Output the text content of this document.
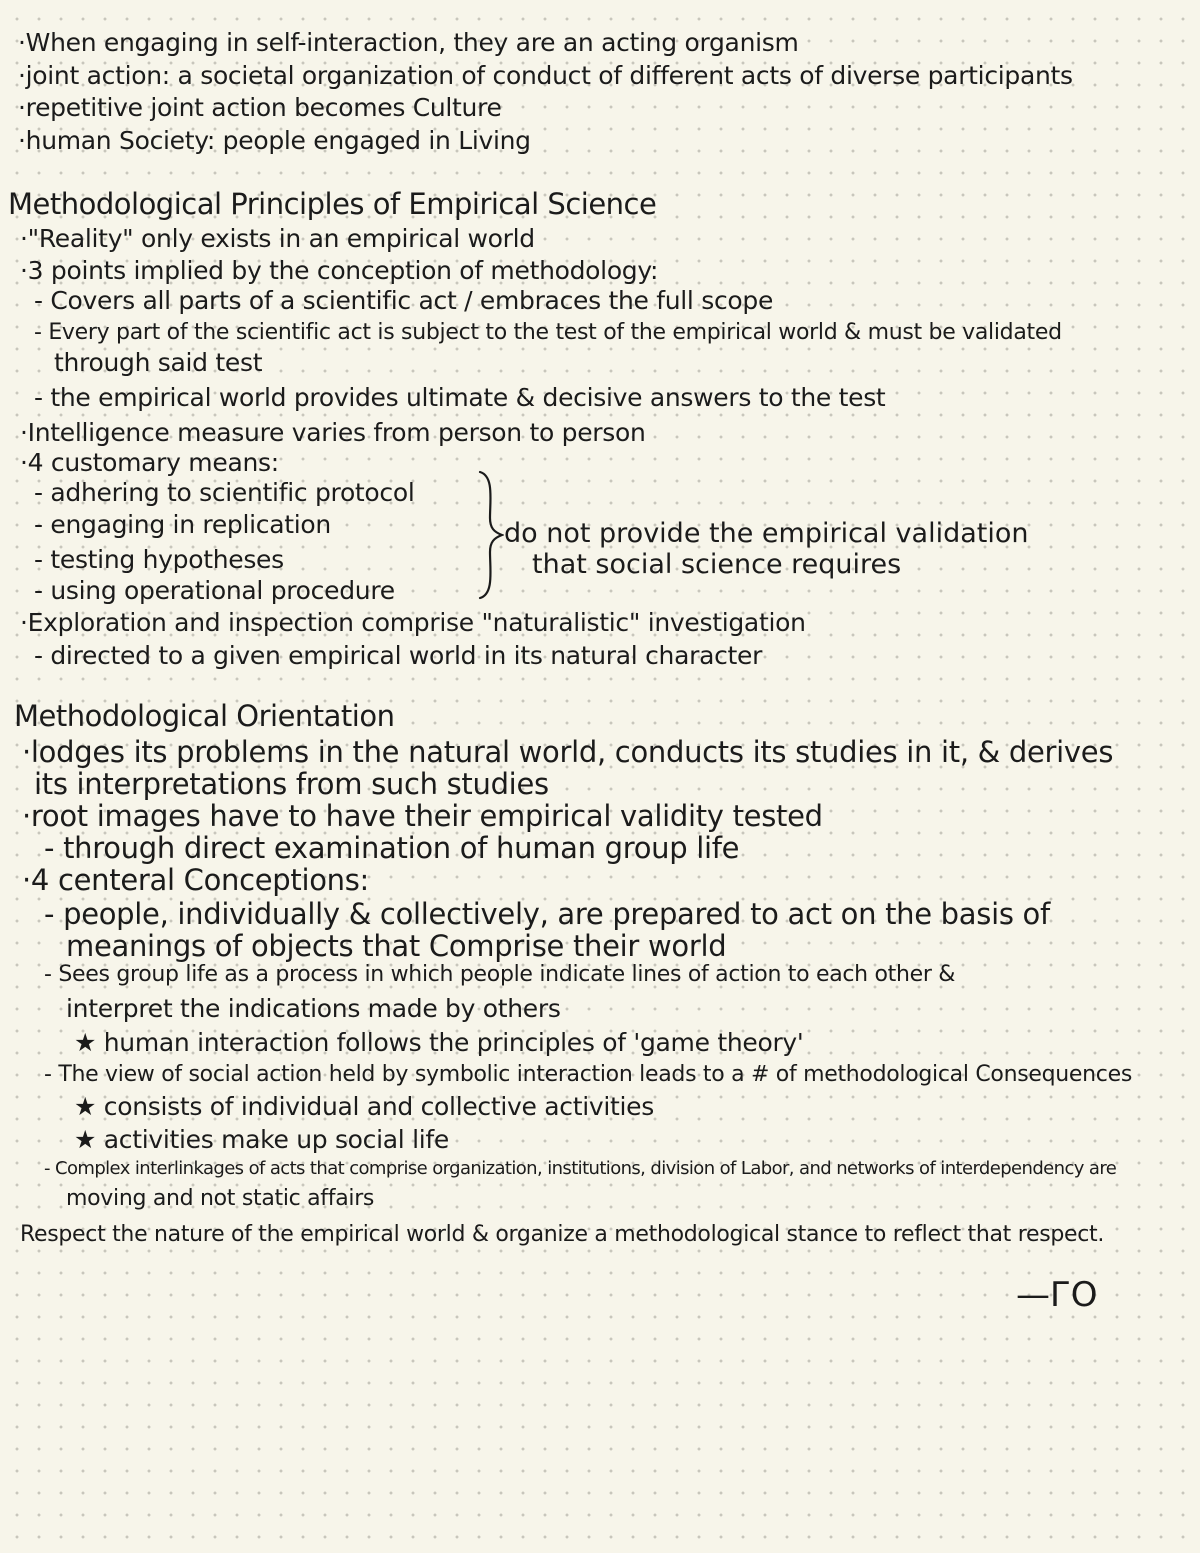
·When engaging in self-interaction, they are an acting organism
·joint action: a societal organization of conduct of different acts of diverse participants
·repetitive joint action becomes Culture
·human Society: people engaged in Living
Methodological Principles of Empirical Science
·"Reality" only exists in an empirical world
·3 points implied by the conception of methodology:
- Covers all parts of a scientific act / embraces the full scope
- Every part of the scientific act is subject to the test of the empirical world & must be validated
through said test
- the empirical world provides ultimate & decisive answers to the test
·Intelligence measure varies from person to person
·4 customary means:
- adhering to scientific protocol
- engaging in replication
- testing hypotheses
- using operational procedure
do not provide the empirical validation
that social science requires
·Exploration and inspection comprise "naturalistic" investigation
- directed to a given empirical world in its natural character
Methodological Orientation
·lodges its problems in the natural world, conducts its studies in it, & derives
its interpretations from such studies
·root images have to have their empirical validity tested
- through direct examination of human group life
·4 centeral Conceptions:
- people, individually & collectively, are prepared to act on the basis of
meanings of objects that Comprise their world
- Sees group life as a process in which people indicate lines of action to each other &
interpret the indications made by others
★ human interaction follows the principles of 'game theory'
- The view of social action held by symbolic interaction leads to a # of methodological Consequences
★ consists of individual and collective activities
★ activities make up social life
- Complex interlinkages of acts that comprise organization, institutions, division of Labor, and networks of interdependency are
moving and not static affairs
Respect the nature of the empirical world & organize a methodological stance to reflect that respect.
—ГО
